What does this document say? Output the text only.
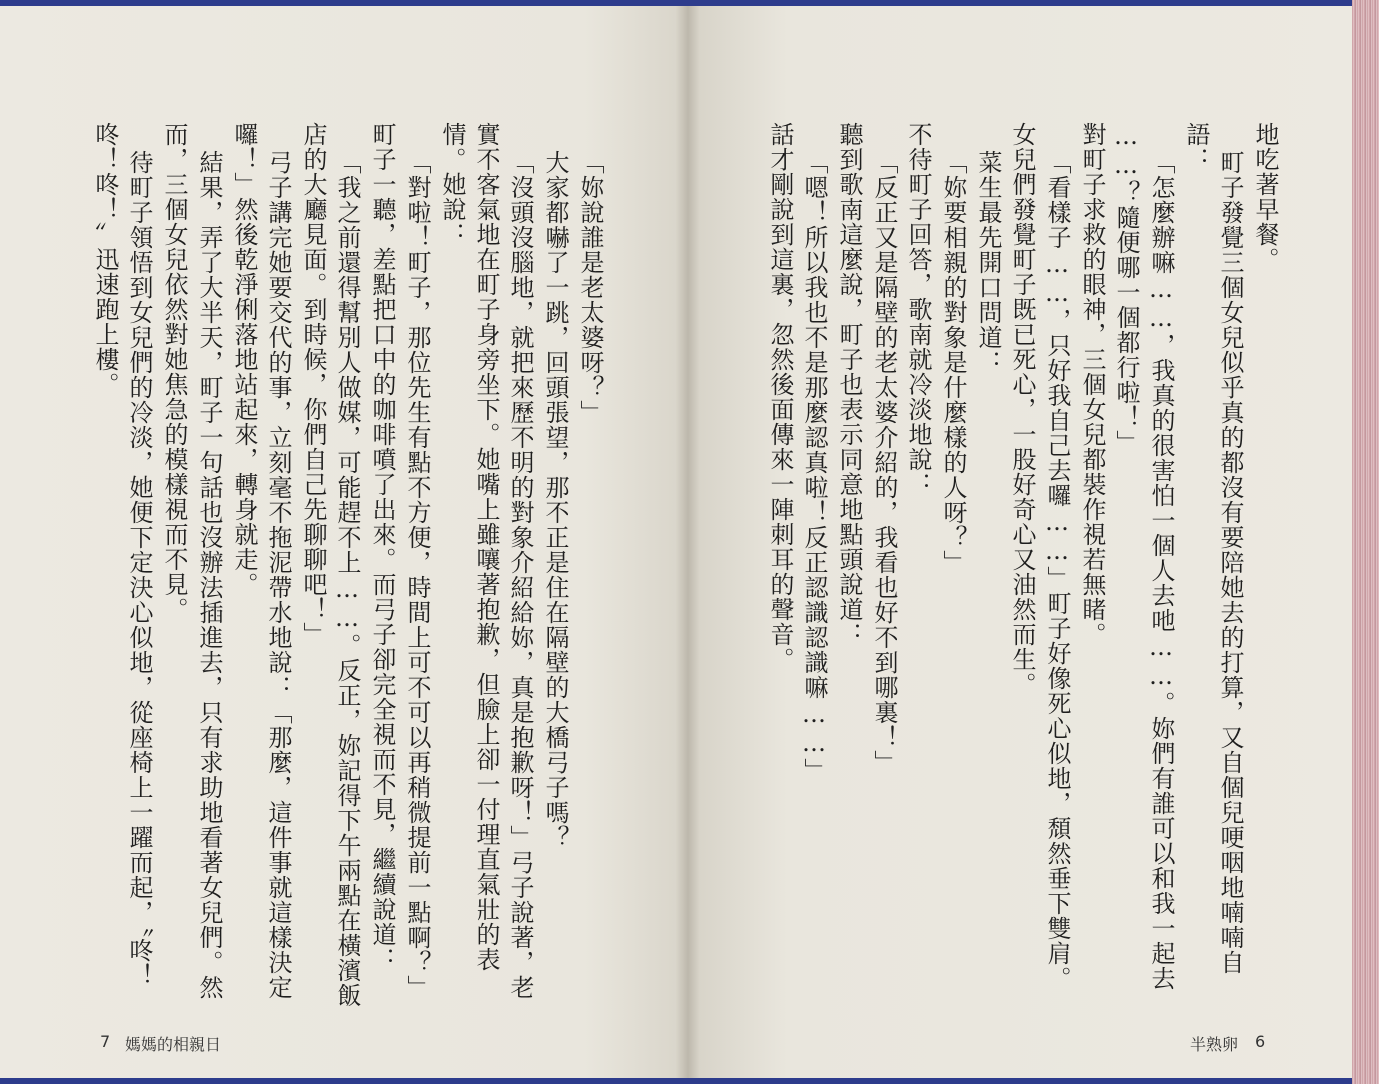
「妳說誰是老太婆呀？」
大家都嚇了一跳，回頭張望，那不正是住在隔壁的大橋弓子嗎？
「沒頭沒腦地，就把來歷不明的對象介紹給妳，真是抱歉呀！」弓子說著，老
實不客氣地在町子身旁坐下。她嘴上雖嚷著抱歉，但臉上卻一付理直氣壯的表
情。她說：
「對啦！町子，那位先生有點不方便，時間上可不可以再稍微提前一點啊？」
町子一聽，差點把口中的咖啡噴了出來。而弓子卻完全視而不見，繼續說道：
「我之前還得幫別人做媒，可能趕不上……。反正，妳記得下午兩點在橫濱飯
店的大廳見面。到時候，你們自己先聊聊吧！」
弓子講完她要交代的事，立刻毫不拖泥帶水地說：「那麼，這件事就這樣決定
囉！」然後乾淨俐落地站起來，轉身就走。
結果，弄了大半天，町子一句話也沒辦法插進去，只有求助地看著女兒們。然
而，三個女兒依然對她焦急的模樣視而不見。
待町子領悟到女兒們的冷淡，她便下定決心似地，從座椅上一躍而起，〝咚！
咚！咚！〞迅速跑上樓。
7 媽媽的相親日
地吃著早餐。
町子發覺三個女兒似乎真的都沒有要陪她去的打算，又自個兒哽咽地喃喃自
語：
「怎麼辦嘛……，我真的很害怕一個人去吔……。妳們有誰可以和我一起去
……？隨便哪一個都行啦！」
對町子求救的眼神，三個女兒都裝作視若無睹。
「看樣子……，只好我自己去囉……」町子好像死心似地，頹然垂下雙肩。
女兒們發覺町子既已死心，一股好奇心又油然而生。
菜生最先開口問道：
「妳要相親的對象是什麼樣的人呀？」
不待町子回答，歌南就冷淡地說：
「反正又是隔壁的老太婆介紹的，我看也好不到哪裏！」
聽到歌南這麼說，町子也表示同意地點頭說道：
「嗯！所以我也不是那麼認真啦！反正認識認識嘛……」
話才剛說到這裏，忽然後面傳來一陣刺耳的聲音。
半熟卵 6
